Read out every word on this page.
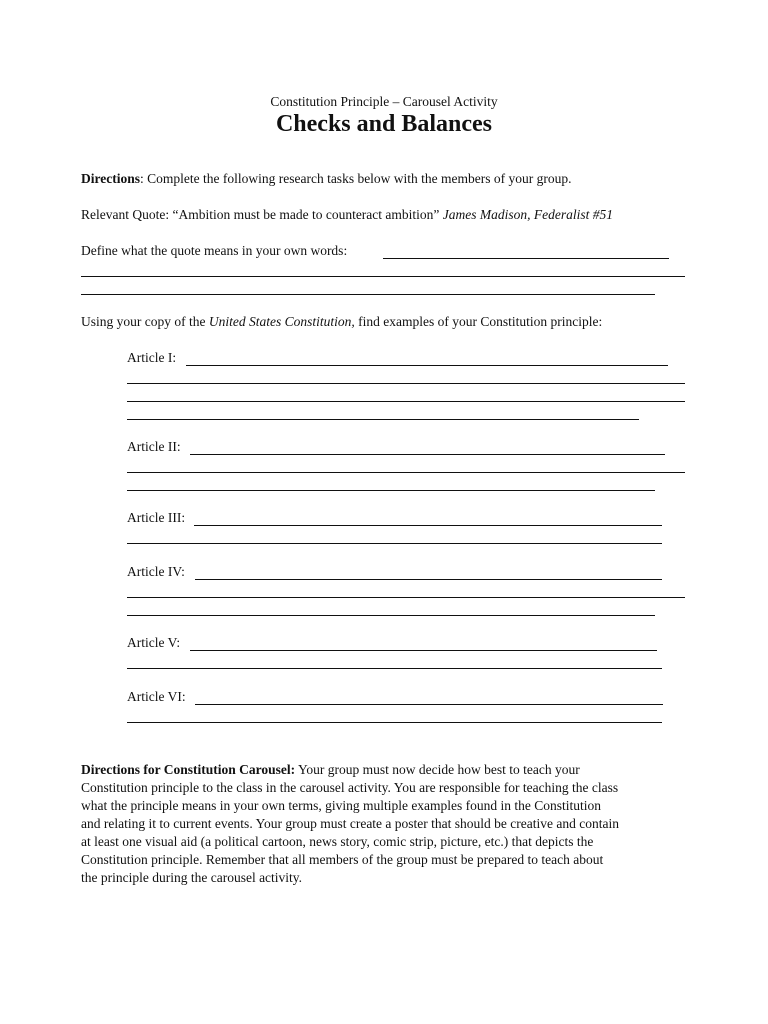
Constitution Principle – Carousel Activity
Checks and Balances
Directions: Complete the following research tasks below with the members of your group.
Relevant Quote: “Ambition must be made to counteract ambition” James Madison, Federalist #51
Define what the quote means in your own words:
Using your copy of the United States Constitution, find examples of your Constitution principle:
Article I:
Article II:
Article III:
Article IV:
Article V:
Article VI:
Directions for Constitution Carousel: Your group must now decide how best to teach your
Constitution principle to the class in the carousel activity. You are responsible for teaching the class
what the principle means in your own terms, giving multiple examples found in the Constitution
and relating it to current events. Your group must create a poster that should be creative and contain
at least one visual aid (a political cartoon, news story, comic strip, picture, etc.) that depicts the
Constitution principle. Remember that all members of the group must be prepared to teach about
the principle during the carousel activity.
